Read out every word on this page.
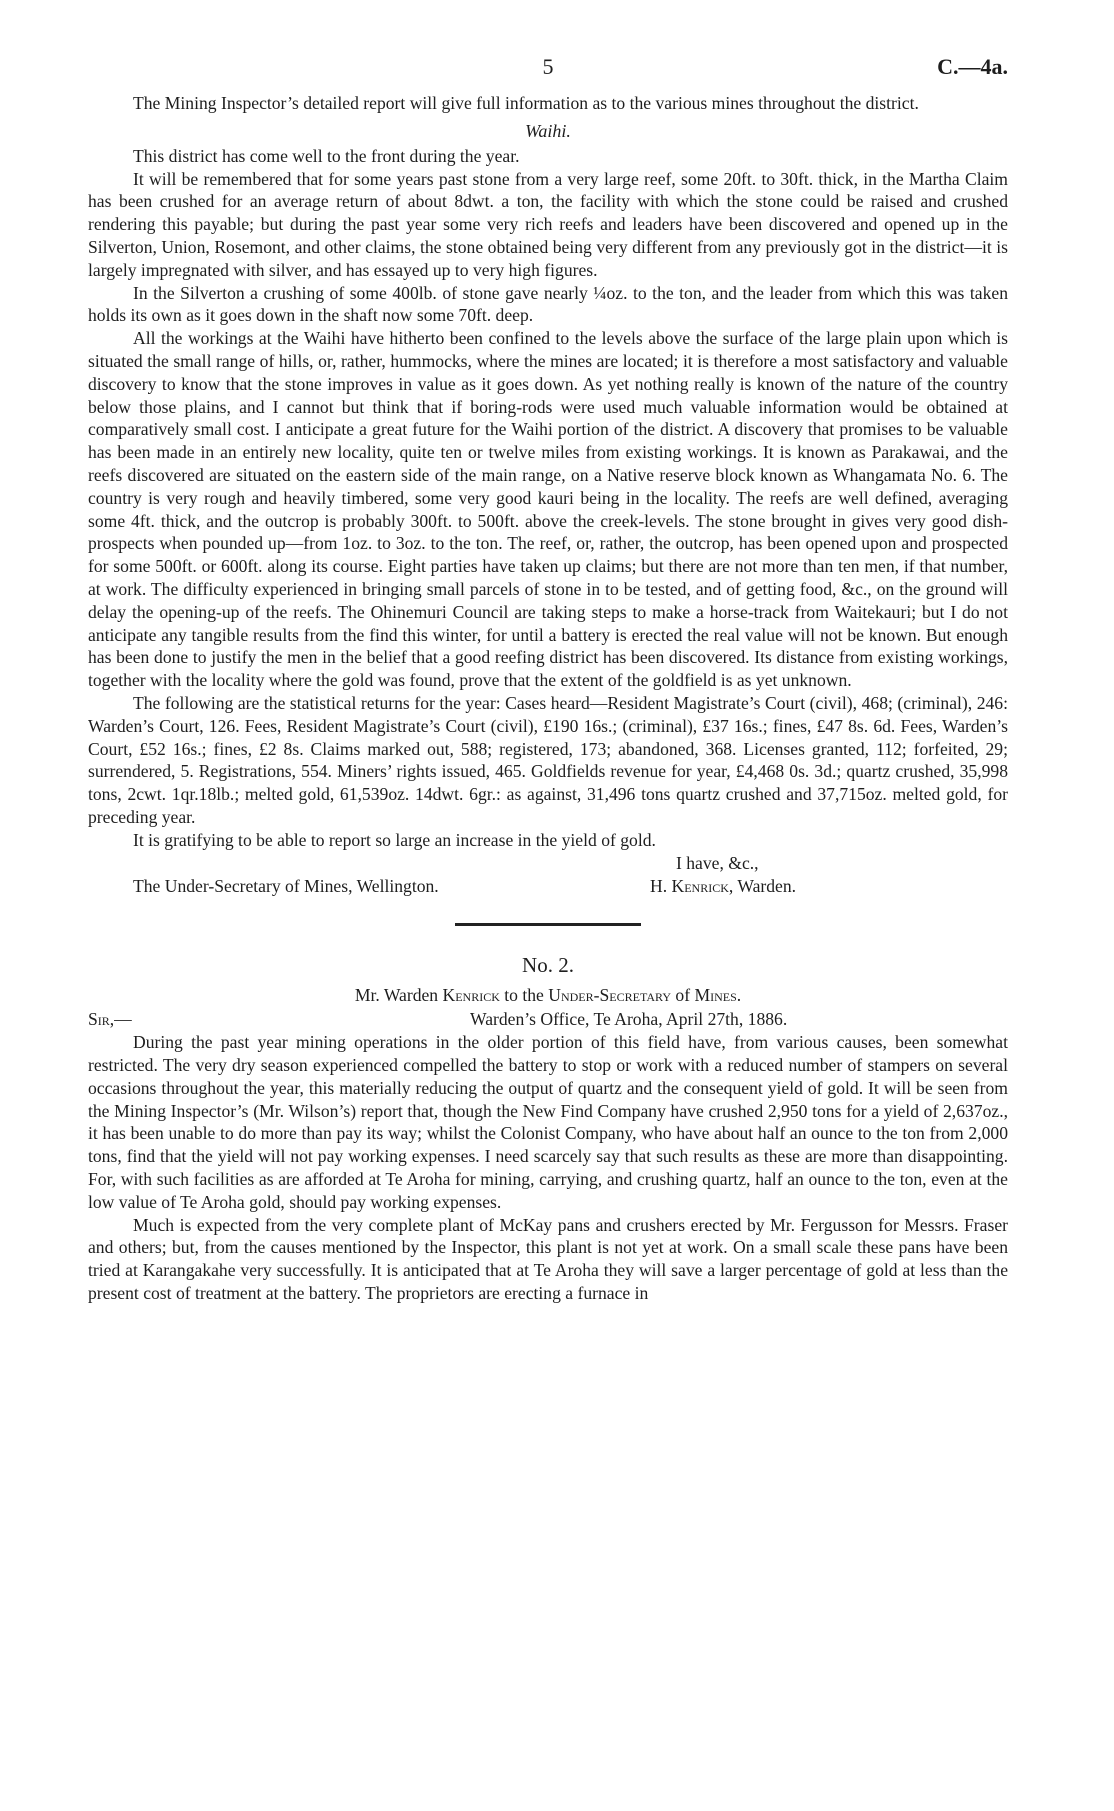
5	C.—4a.

The Mining Inspector’s detailed report will give full information as to the various mines throughout the district.

Waihi.

This district has come well to the front during the year.

It will be remembered that for some years past stone from a very large reef, some 20ft. to 30ft. thick, in the Martha Claim has been crushed for an average return of about 8dwt. a ton, the facility with which the stone could be raised and crushed rendering this payable; but during the past year some very rich reefs and leaders have been discovered and opened up in the Silverton, Union, Rosemont, and other claims, the stone obtained being very different from any previously got in the district—it is largely impregnated with silver, and has essayed up to very high figures.

In the Silverton a crushing of some 400lb. of stone gave nearly ¼oz. to the ton, and the leader from which this was taken holds its own as it goes down in the shaft now some 70ft. deep.

All the workings at the Waihi have hitherto been confined to the levels above the surface of the large plain upon which is situated the small range of hills, or, rather, hummocks, where the mines are located; it is therefore a most satisfactory and valuable discovery to know that the stone improves in value as it goes down. As yet nothing really is known of the nature of the country below those plains, and I cannot but think that if boring-rods were used much valuable information would be obtained at comparatively small cost. I anticipate a great future for the Waihi portion of the district. A discovery that promises to be valuable has been made in an entirely new locality, quite ten or twelve miles from existing workings. It is known as Parakawai, and the reefs discovered are situated on the eastern side of the main range, on a Native reserve block known as Whangamata No. 6. The country is very rough and heavily timbered, some very good kauri being in the locality. The reefs are well defined, averaging some 4ft. thick, and the outcrop is probably 300ft. to 500ft. above the creek-levels. The stone brought in gives very good dish-prospects when pounded up—from 1oz. to 3oz. to the ton. The reef, or, rather, the outcrop, has been opened upon and prospected for some 500ft. or 600ft. along its course. Eight parties have taken up claims; but there are not more than ten men, if that number, at work. The difficulty experienced in bringing small parcels of stone in to be tested, and of getting food, &c., on the ground will delay the opening-up of the reefs. The Ohinemuri Council are taking steps to make a horse-track from Waitekauri; but I do not anticipate any tangible results from the find this winter, for until a battery is erected the real value will not be known. But enough has been done to justify the men in the belief that a good reefing district has been discovered. Its distance from existing workings, together with the locality where the gold was found, prove that the extent of the goldfield is as yet unknown.

The following are the statistical returns for the year: Cases heard—Resident Magistrate’s Court (civil), 468; (criminal), 246: Warden’s Court, 126. Fees, Resident Magistrate’s Court (civil), £190 16s.; (criminal), £37 16s.; fines, £47 8s. 6d. Fees, Warden’s Court, £52 16s.; fines, £2 8s. Claims marked out, 588; registered, 173; abandoned, 368. Licenses granted, 112; forfeited, 29; surrendered, 5. Registrations, 554. Miners’ rights issued, 465. Goldfields revenue for year, £4,468 0s. 3d.; quartz crushed, 35,998 tons, 2cwt. 1qr.18lb.; melted gold, 61,539oz. 14dwt. 6gr.: as against, 31,496 tons quartz crushed and 37,715oz. melted gold, for preceding year.

It is gratifying to be able to report so large an increase in the yield of gold.

I have, &c.,
The Under-Secretary of Mines, Wellington.	H. Kenrick, Warden.
No. 2.
Mr. Warden Kenrick to the Under-Secretary of Mines.
Sir,—	Warden’s Office, Te Aroha, April 27th, 1886.

During the past year mining operations in the older portion of this field have, from various causes, been somewhat restricted. The very dry season experienced compelled the battery to stop or work with a reduced number of stampers on several occasions throughout the year, this materially reducing the output of quartz and the consequent yield of gold. It will be seen from the Mining Inspector’s (Mr. Wilson’s) report that, though the New Find Company have crushed 2,950 tons for a yield of 2,637oz., it has been unable to do more than pay its way; whilst the Colonist Company, who have about half an ounce to the ton from 2,000 tons, find that the yield will not pay working expenses. I need scarcely say that such results as these are more than disappointing. For, with such facilities as are afforded at Te Aroha for mining, carrying, and crushing quartz, half an ounce to the ton, even at the low value of Te Aroha gold, should pay working expenses.

Much is expected from the very complete plant of McKay pans and crushers erected by Mr. Fergusson for Messrs. Fraser and others; but, from the causes mentioned by the Inspector, this plant is not yet at work. On a small scale these pans have been tried at Karangakahe very successfully. It is anticipated that at Te Aroha they will save a larger percentage of gold at less than the present cost of treatment at the battery. The proprietors are erecting a furnace in
